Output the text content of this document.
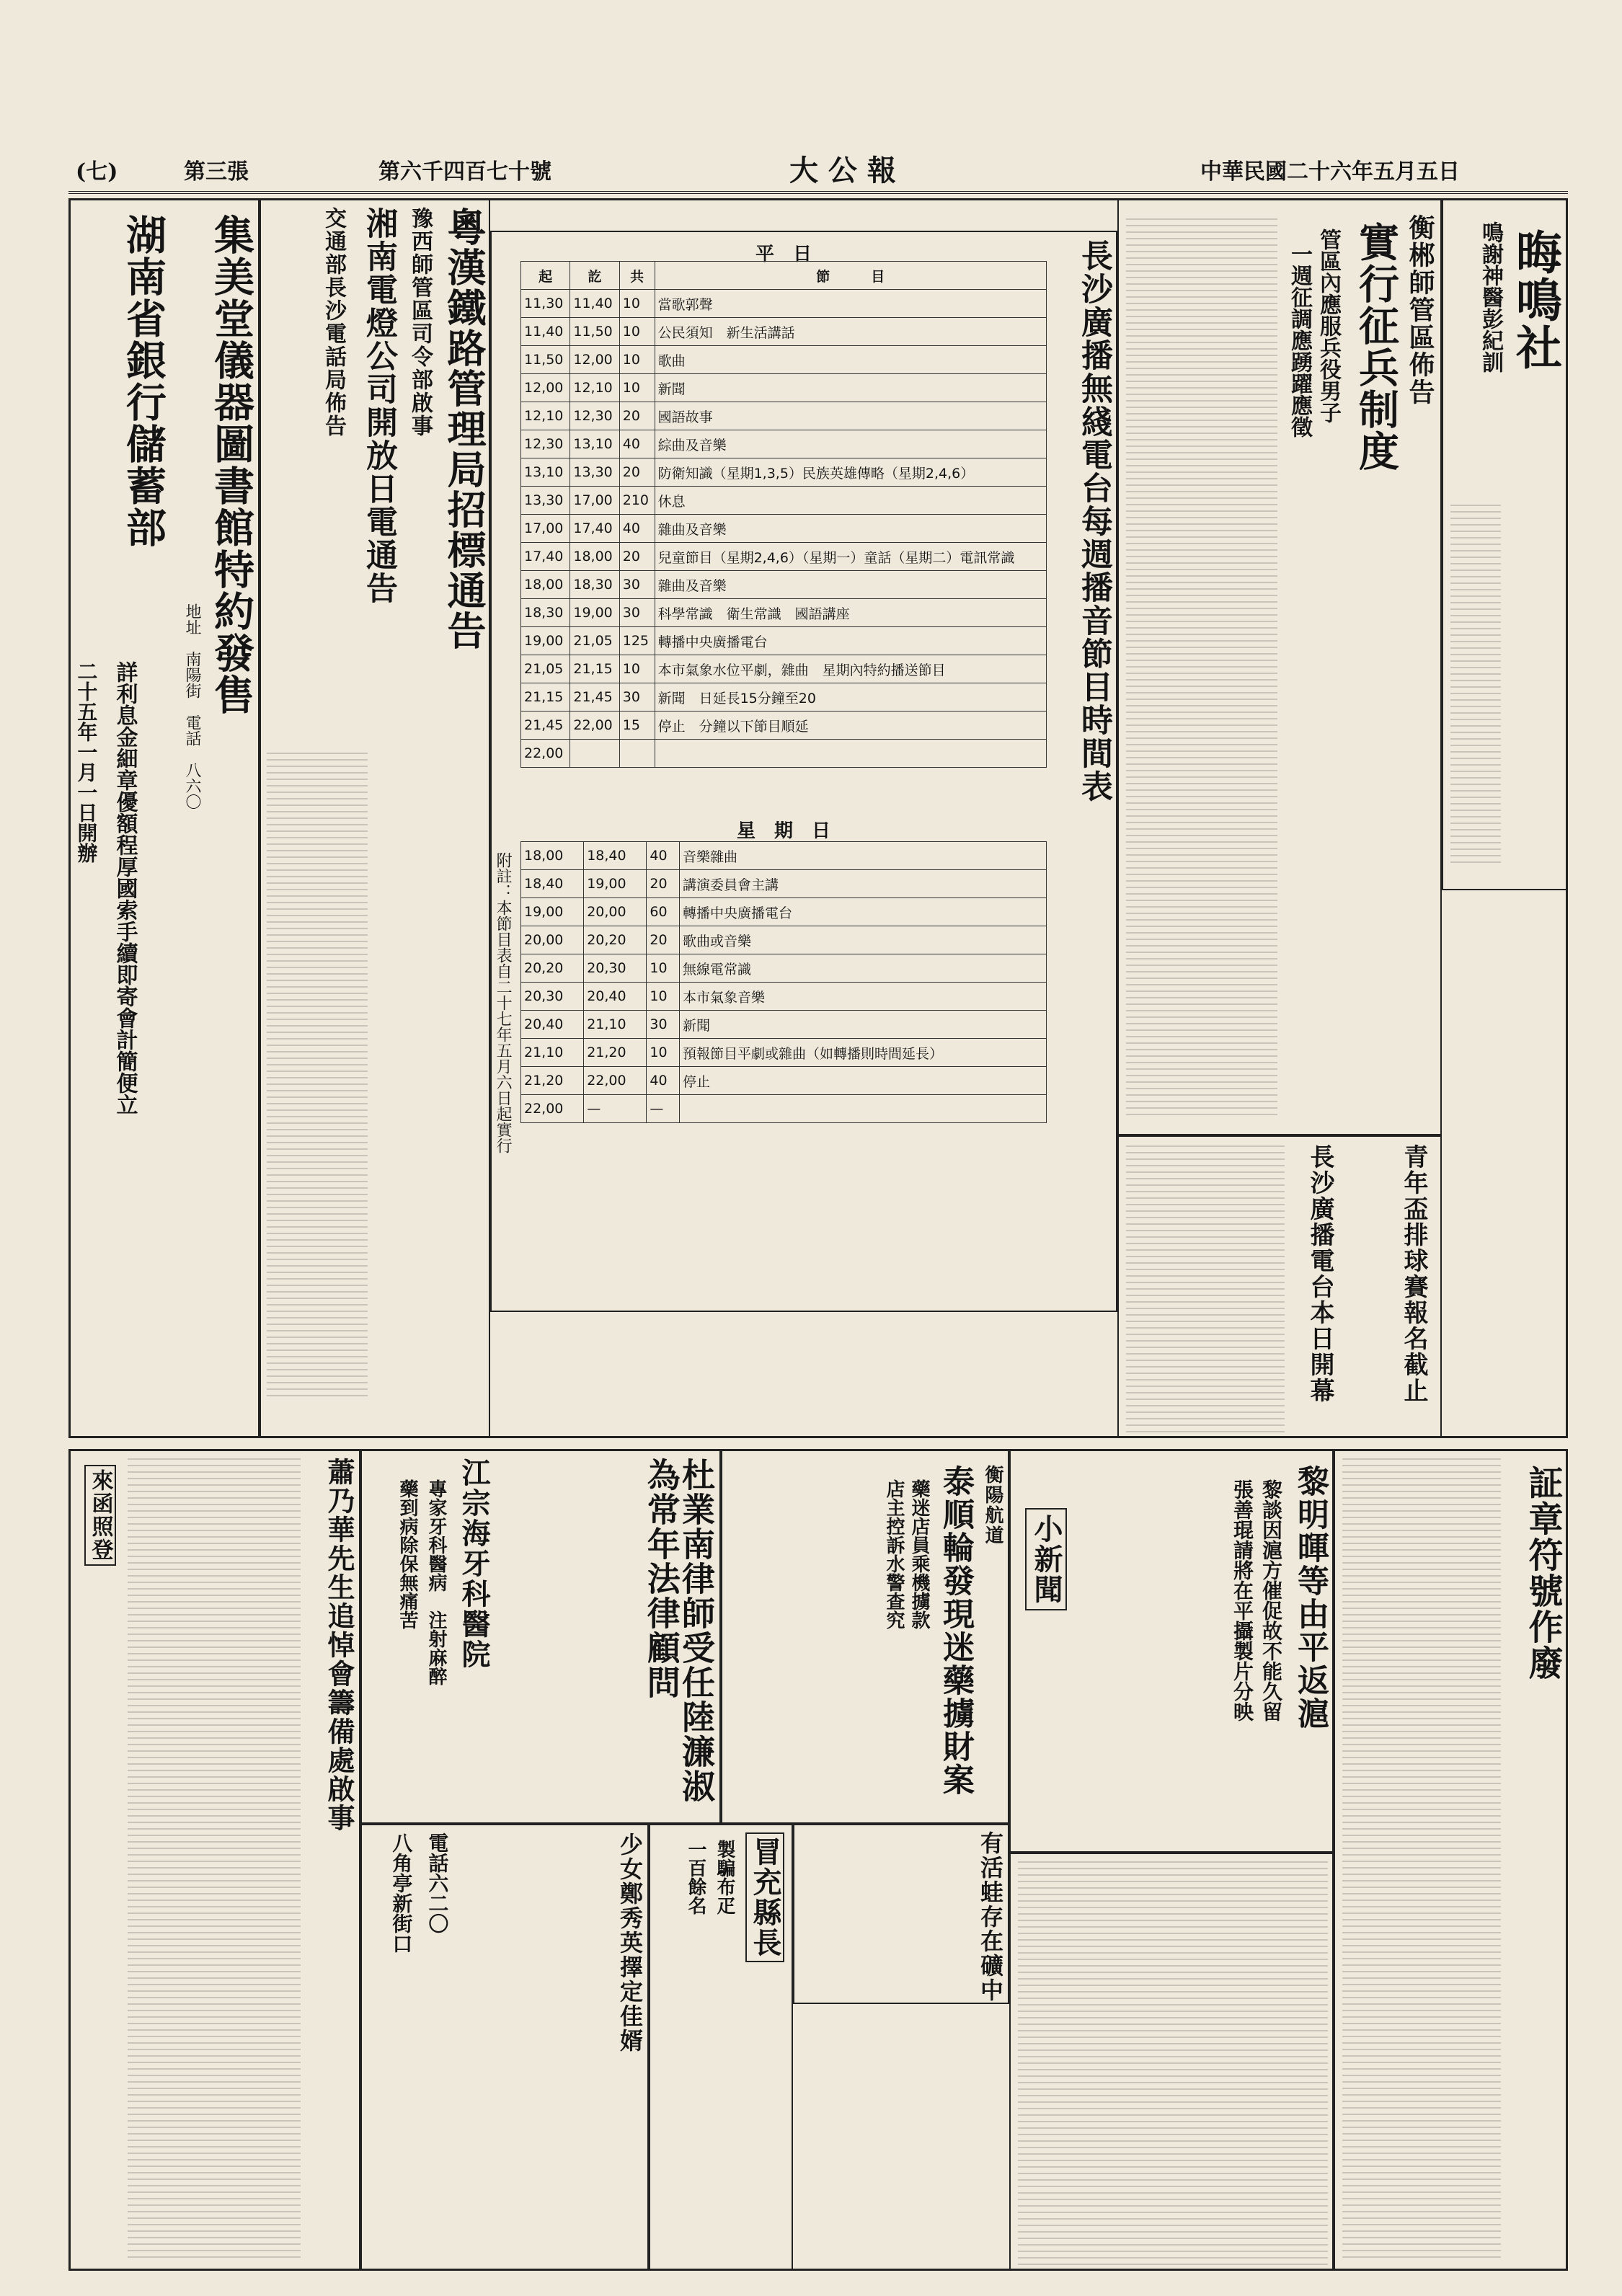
中華民國二十六年五月五日
大 公 報
第六千四百七十號
第三張
(七)
晦鳴社
鳴謝神醫彭紀訓
衡郴師管區佈告
實行征兵制度
管區內應服兵役男子
一週征調應踴躍應徵
青年盃排球賽報名截止
長沙廣播電台本日開幕
長沙廣播無綫電台每週播音節目時間表
附註：本節目表自二十七年五月六日起實行
平　日
起	訖	共	節　　　目
11,30	11,40	10	當歌郭聲
11,40	11,50	10	公民須知　新生活講話
11,50	12,00	10	歌曲
12,00	12,10	10	新聞
12,10	12,30	20	國語故事
12,30	13,10	40	綜曲及音樂
13,10	13,30	20	防衛知識（星期1,3,5）民族英雄傳略（星期2,4,6）
13,30	17,00	210	休息
17,00	17,40	40	雜曲及音樂
17,40	18,00	20	兒童節目（星期2,4,6）（星期一）童話（星期二）電訊常識
18,00	18,30	30	雜曲及音樂
18,30	19,00	30	科學常識　衛生常識　國語講座
19,00	21,05	125	轉播中央廣播電台
21,05	21,15	10	本市氣象水位平劇，雜曲　星期內特約播送節目
21,15	21,45	30	新聞　日延長15分鐘至20
21,45	22,00	15	停止　分鐘以下節目順延
22,00			
星　期　日
18,00	18,40	40	音樂雜曲
18,40	19,00	20	講演委員會主講
19,00	20,00	60	轉播中央廣播電台
20,00	20,20	20	歌曲或音樂
20,20	20,30	10	無線電常識
20,30	20,40	10	本市氣象音樂
20,40	21,10	30	新聞
21,10	21,20	10	預報節目平劇或雜曲（如轉播則時間延長）
21,20	22,00	40	停止
22,00	—	—	
粵漢鐵路管理局招標通告
豫西師管區司令部啟事
湘南電燈公司開放日電通告
交通部長沙電話局佈告
集美堂儀器圖書館特約發售
地址　南陽街　電話　八六〇
湖南省銀行儲蓄部
詳利息金細章優額程厚國索手續即寄會計簡便立
二十五年一月一日開辦
証章符號作廢
黎明暉等由平返滬
黎談因滬方催促故不能久留
張善琨請將在平攝製片分映
小新聞
衡陽航道
泰順輪發現迷藥擄財案
藥迷店員乘機擄款
店主控訴水警查究
有活蛙存在礦中
冒充縣長
製騙布疋
一百餘名
杜業南律師受任陸濂淑為常年法律顧問
江宗海牙科醫院
專家牙科醫病　注射麻醉
藥到病除保無痛苦
少女鄭秀英擇定佳婿
電話六二〇
八角亭新街口
蕭乃華先生追悼會籌備處啟事
來函照登
